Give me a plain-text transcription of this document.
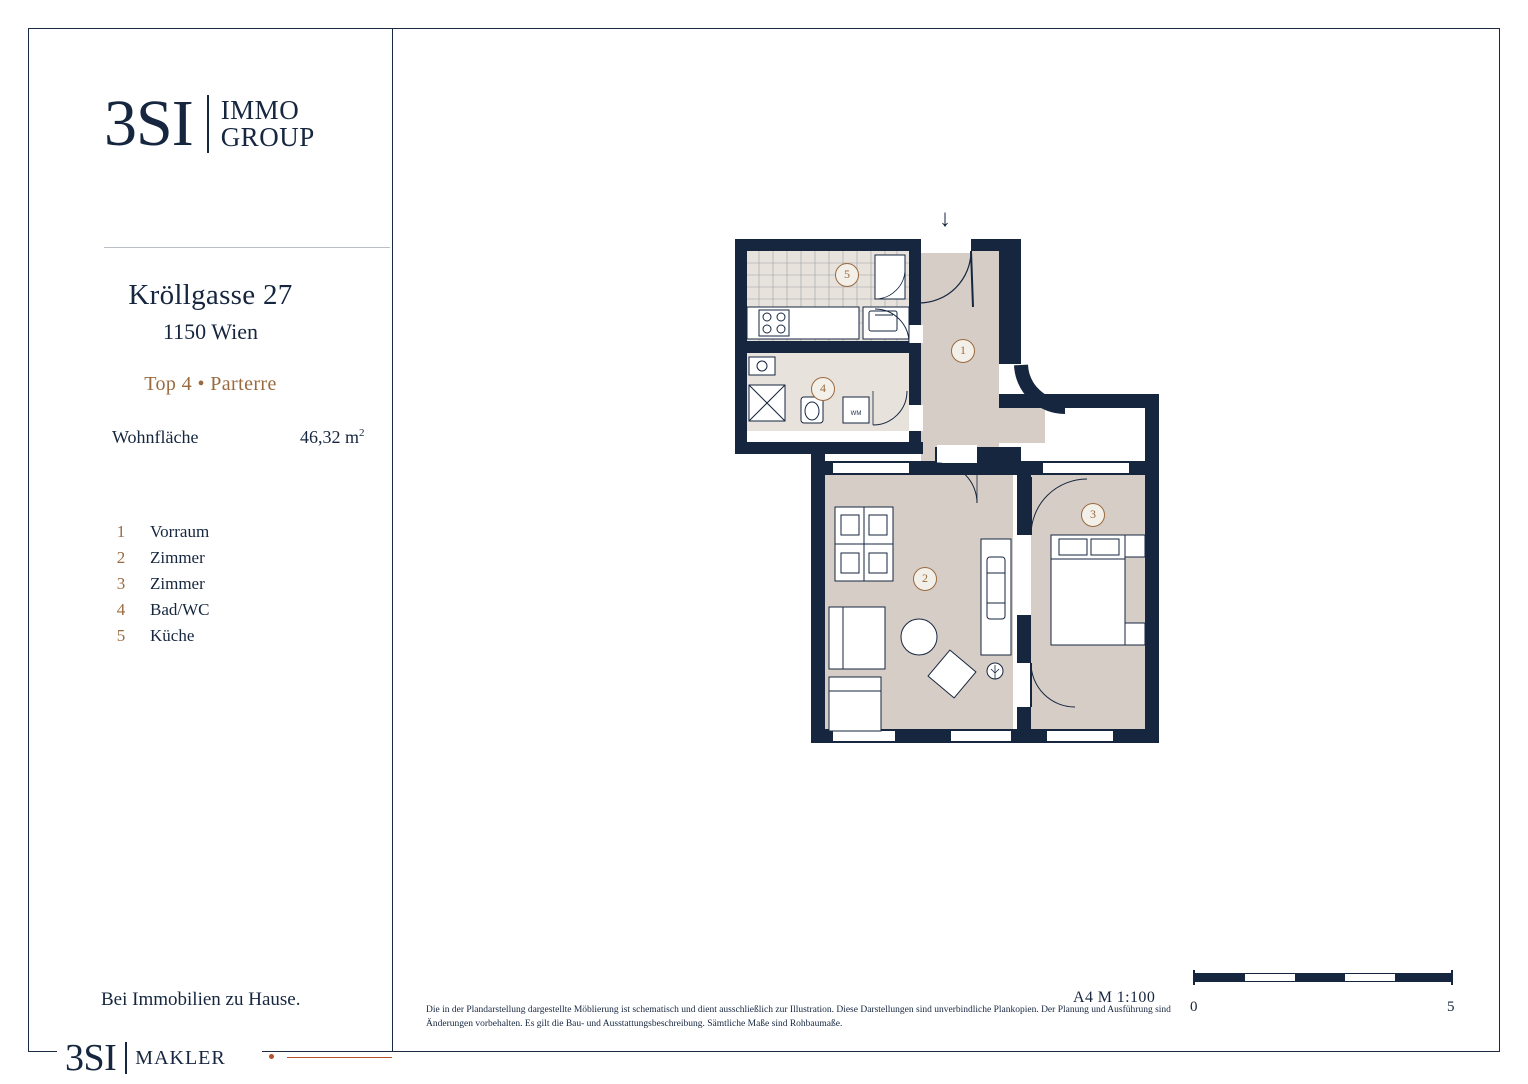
3SI IMMO
GROUP
Kröllgasse 27
1150 Wien
Top 4 • Parterre
Wohnfläche	46,32 $m^2$
1 Vorraum
2 Zimmer
3 Zimmer
4 Bad/WC
5 Küche
Bei Immobilien zu Hause.
3SI MAKLER
WM
1
2
3
4
5
↓
A4 M 1:100
0	5
Die in der Plandarstellung dargestellte Möblierung ist schematisch und dient ausschließlich zur Illustration. Diese Darstellungen sind unverbindliche Plankopien. Der Planung und Ausführung sind Änderungen vorbehalten. Es gilt die Bau- und Ausstattungsbeschreibung. Sämtliche Maße sind Rohbaumaße.
